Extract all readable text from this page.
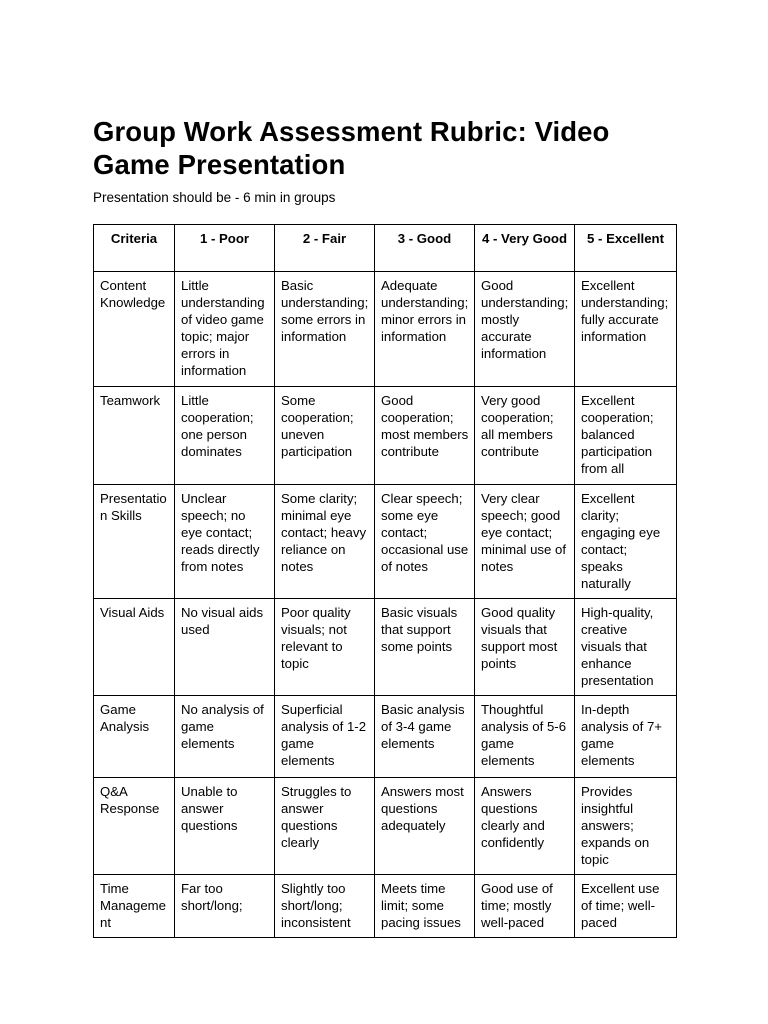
Group Work Assessment Rubric: Video Game Presentation

Presentation should be - 6 min in groups

Criteria	1 - Poor	2 - Fair	3 - Good	4 - Very Good	5 - Excellent
Content Knowledge	Little understanding of video game topic; major errors in information	Basic understanding; some errors in information	Adequate understanding; minor errors in information	Good understanding; mostly accurate information	Excellent understanding; fully accurate information
Teamwork	Little cooperation; one person dominates	Some cooperation; uneven participation	Good cooperation; most members contribute	Very good cooperation; all members contribute	Excellent cooperation; balanced participation from all
Presentation Skills	Unclear speech; no eye contact; reads directly from notes	Some clarity; minimal eye contact; heavy reliance on notes	Clear speech; some eye contact; occasional use of notes	Very clear speech; good eye contact; minimal use of notes	Excellent clarity; engaging eye contact; speaks naturally
Visual Aids	No visual aids used	Poor quality visuals; not relevant to topic	Basic visuals that support some points	Good quality visuals that support most points	High-quality, creative visuals that enhance presentation
Game Analysis	No analysis of game elements	Superficial analysis of 1-2 game elements	Basic analysis of 3-4 game elements	Thoughtful analysis of 5-6 game elements	In-depth analysis of 7+ game elements
Q&A Response	Unable to answer questions	Struggles to answer questions clearly	Answers most questions adequately	Answers questions clearly and confidently	Provides insightful answers; expands on topic
Time Management	Far too short/long;	Slightly too short/long; inconsistent	Meets time limit; some pacing issues	Good use of time; mostly well-paced	Excellent use of time; well-paced
